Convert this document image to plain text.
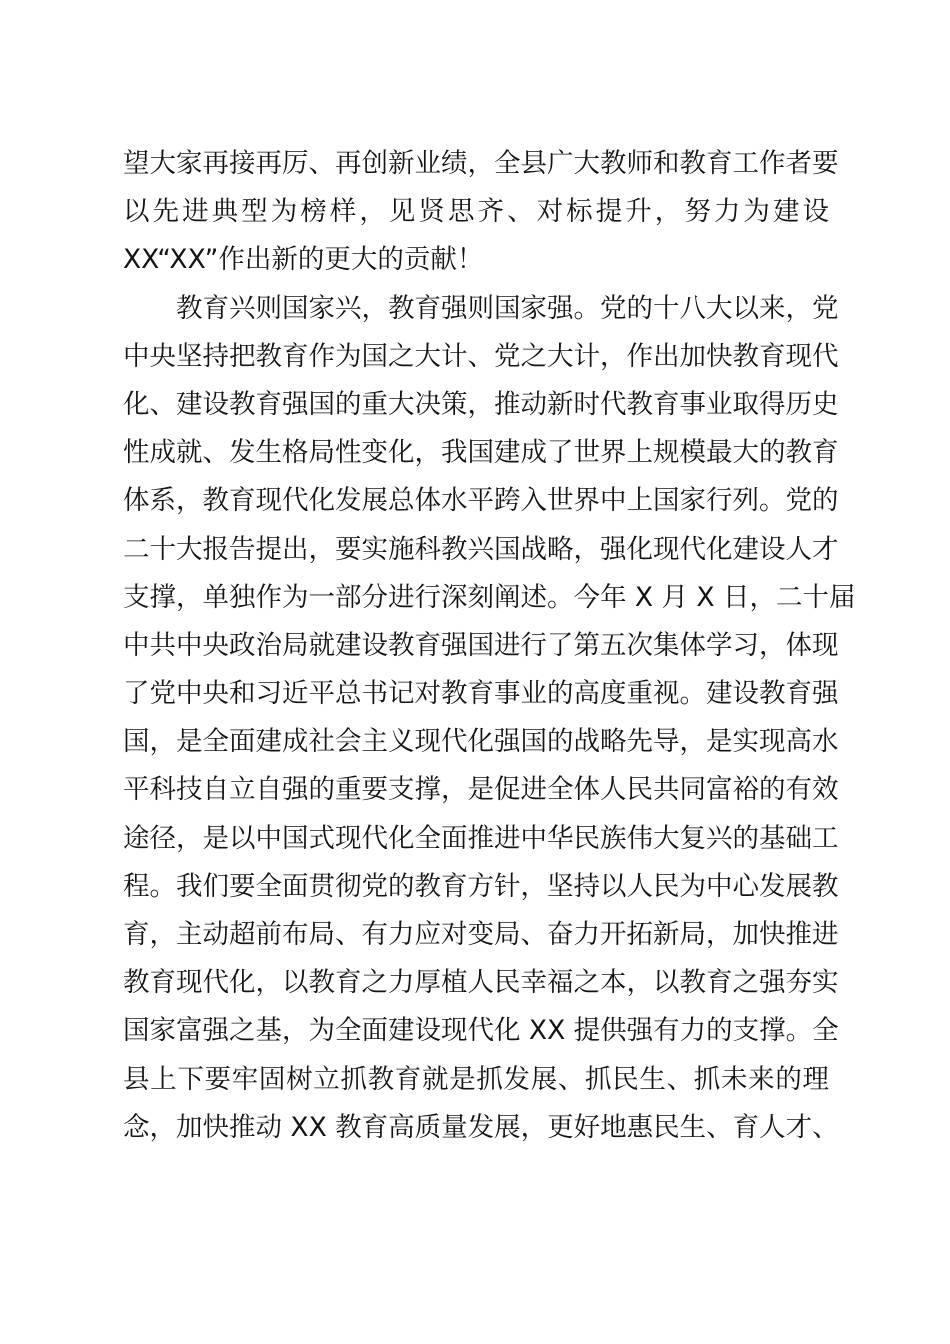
望大家再接再厉、再创新业绩，全县广大教师和教育工作者要
以先进典型为榜样，见贤思齐、对标提升，努力为建设
XX“XX”作出新的更大的贡献！
　　教育兴则国家兴，教育强则国家强。党的十八大以来，党
中央坚持把教育作为国之大计、党之大计，作出加快教育现代
化、建设教育强国的重大决策，推动新时代教育事业取得历史
性成就、发生格局性变化，我国建成了世界上规模最大的教育
体系，教育现代化发展总体水平跨入世界中上国家行列。党的
二十大报告提出，要实施科教兴国战略，强化现代化建设人才
支撑，单独作为一部分进行深刻阐述。今年 X 月 X 日，二十届
中共中央政治局就建设教育强国进行了第五次集体学习，体现
了党中央和习近平总书记对教育事业的高度重视。建设教育强
国，是全面建成社会主义现代化强国的战略先导，是实现高水
平科技自立自强的重要支撑，是促进全体人民共同富裕的有效
途径，是以中国式现代化全面推进中华民族伟大复兴的基础工
程。我们要全面贯彻党的教育方针，坚持以人民为中心发展教
育，主动超前布局、有力应对变局、奋力开拓新局，加快推进
教育现代化，以教育之力厚植人民幸福之本，以教育之强夯实
国家富强之基，为全面建设现代化 XX 提供强有力的支撑。全
县上下要牢固树立抓教育就是抓发展、抓民生、抓未来的理
念，加快推动 XX 教育高质量发展，更好地惠民生、育人才、
